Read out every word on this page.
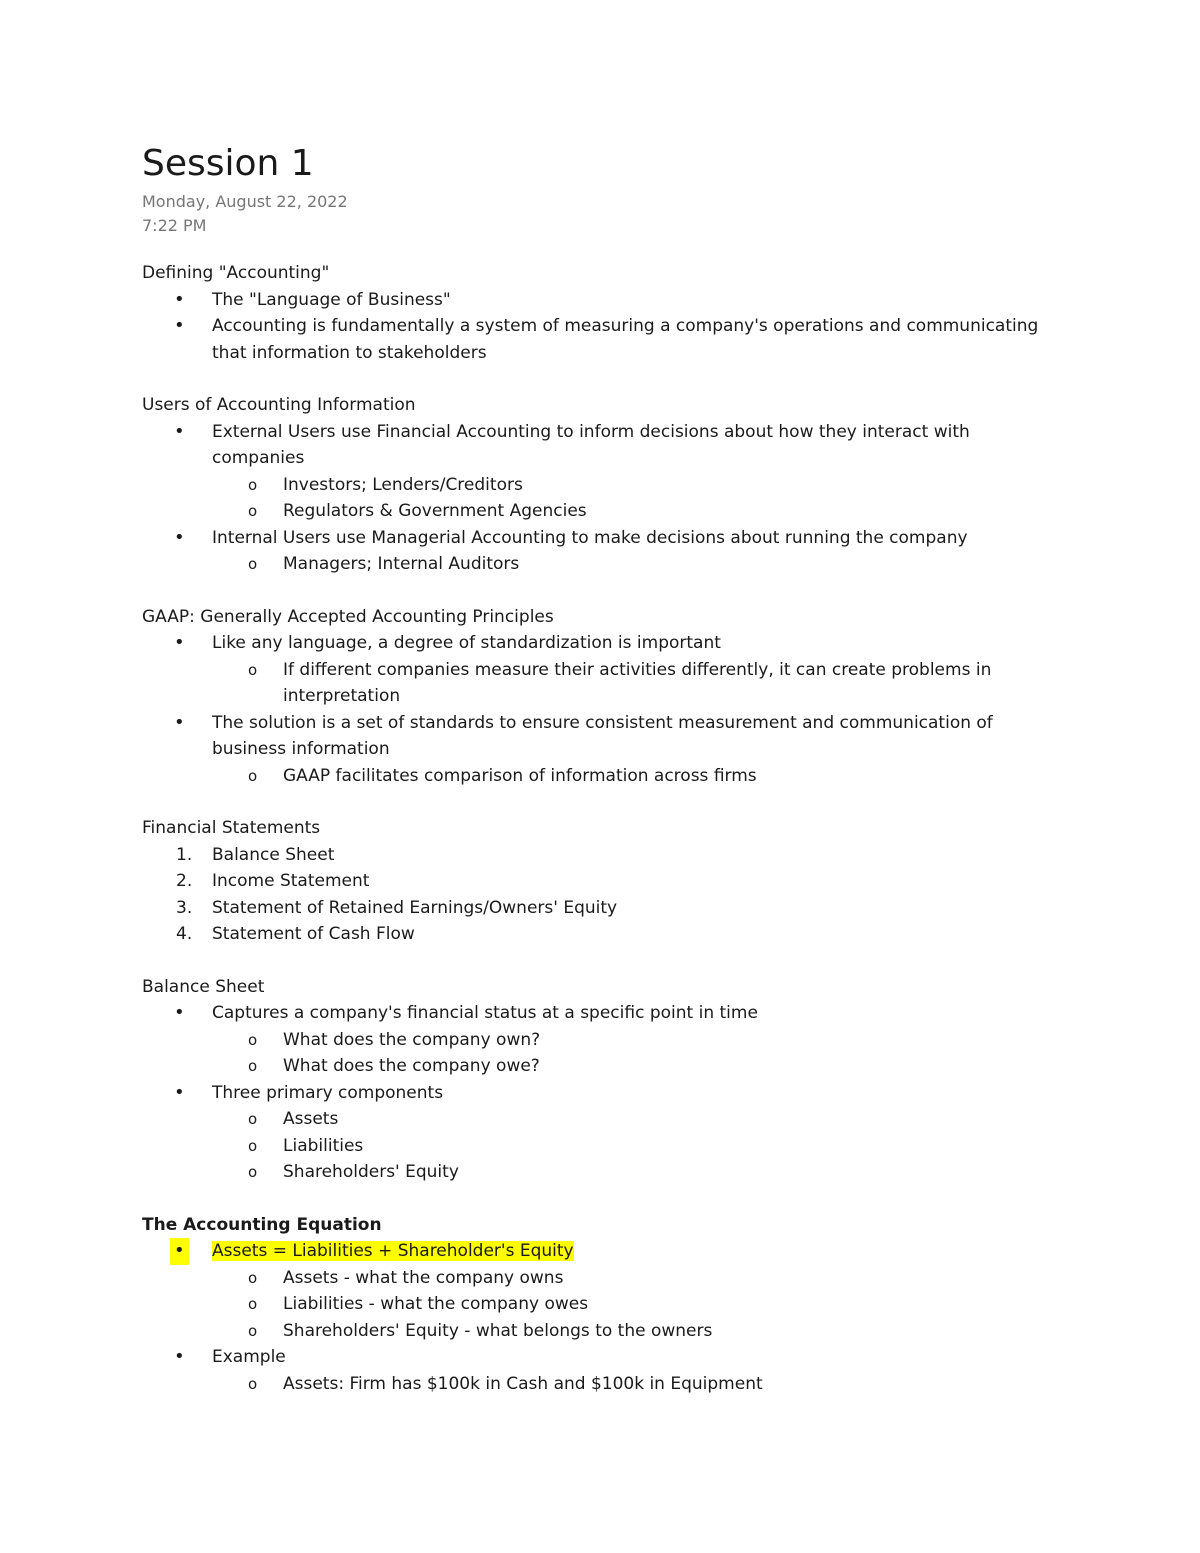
Session 1
Monday, August 22, 2022
7:22 PM
Defining "Accounting"
• The "Language of Business"
• Accounting is fundamentally a system of measuring a company's operations and communicating
that information to stakeholders
Users of Accounting Information
• External Users use Financial Accounting to inform decisions about how they interact with
companies
o Investors; Lenders/Creditors
o Regulators & Government Agencies
• Internal Users use Managerial Accounting to make decisions about running the company
o Managers; Internal Auditors
GAAP: Generally Accepted Accounting Principles
• Like any language, a degree of standardization is important
o If different companies measure their activities differently, it can create problems in
interpretation
• The solution is a set of standards to ensure consistent measurement and communication of
business information
o GAAP facilitates comparison of information across firms
Financial Statements
1. Balance Sheet
2. Income Statement
3. Statement of Retained Earnings/Owners' Equity
4. Statement of Cash Flow
Balance Sheet
• Captures a company's financial status at a specific point in time
o What does the company own?
o What does the company owe?
• Three primary components
o Assets
o Liabilities
o Shareholders' Equity
The Accounting Equation
• Assets = Liabilities + Shareholder's Equity
o Assets - what the company owns
o Liabilities - what the company owes
o Shareholders' Equity - what belongs to the owners
• Example
o Assets: Firm has $100k in Cash and $100k in Equipment
